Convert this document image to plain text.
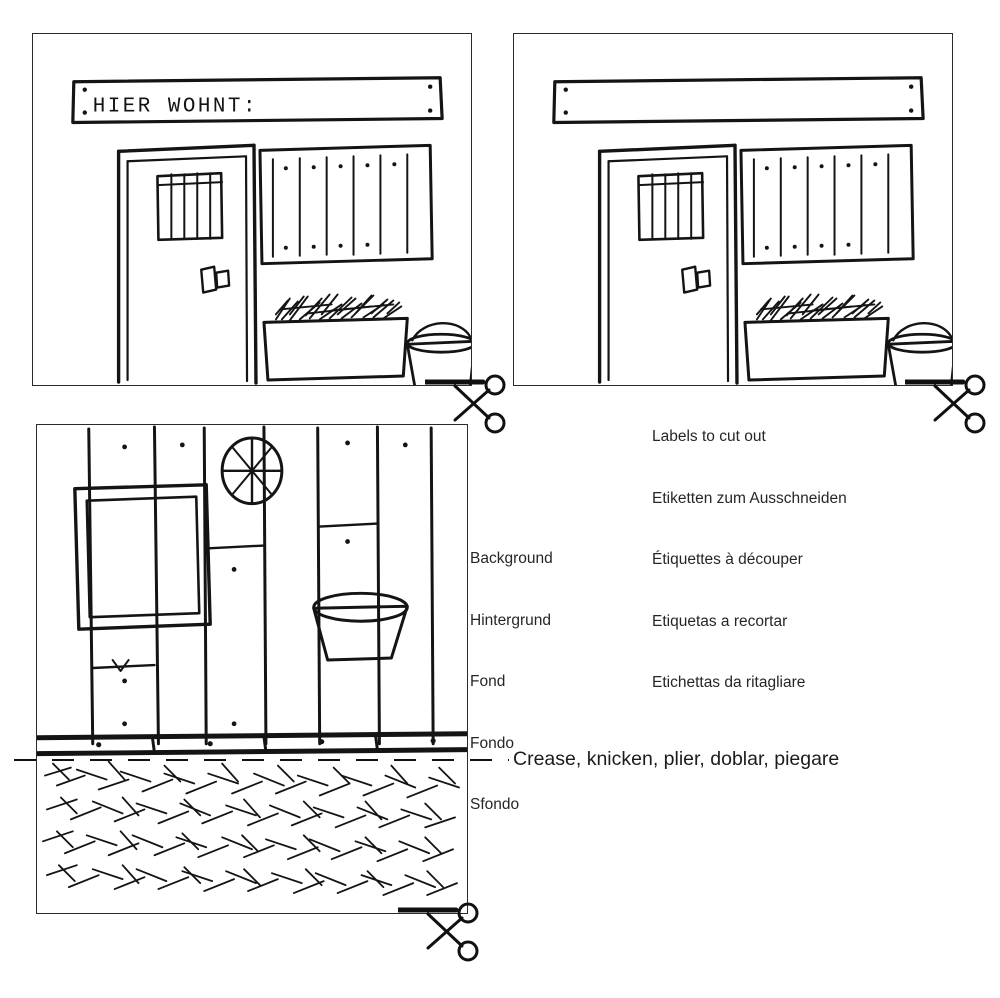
HIER WOHNT:

Labels to cut out

Etiketten zum Ausschneiden

Étiquettes à découper

Etiquetas a recortar

Etichettas da ritagliare

Background

Hintergrund

Fond

Fondo

Sfondo

Crease, knicken, plier, doblar, piegare
